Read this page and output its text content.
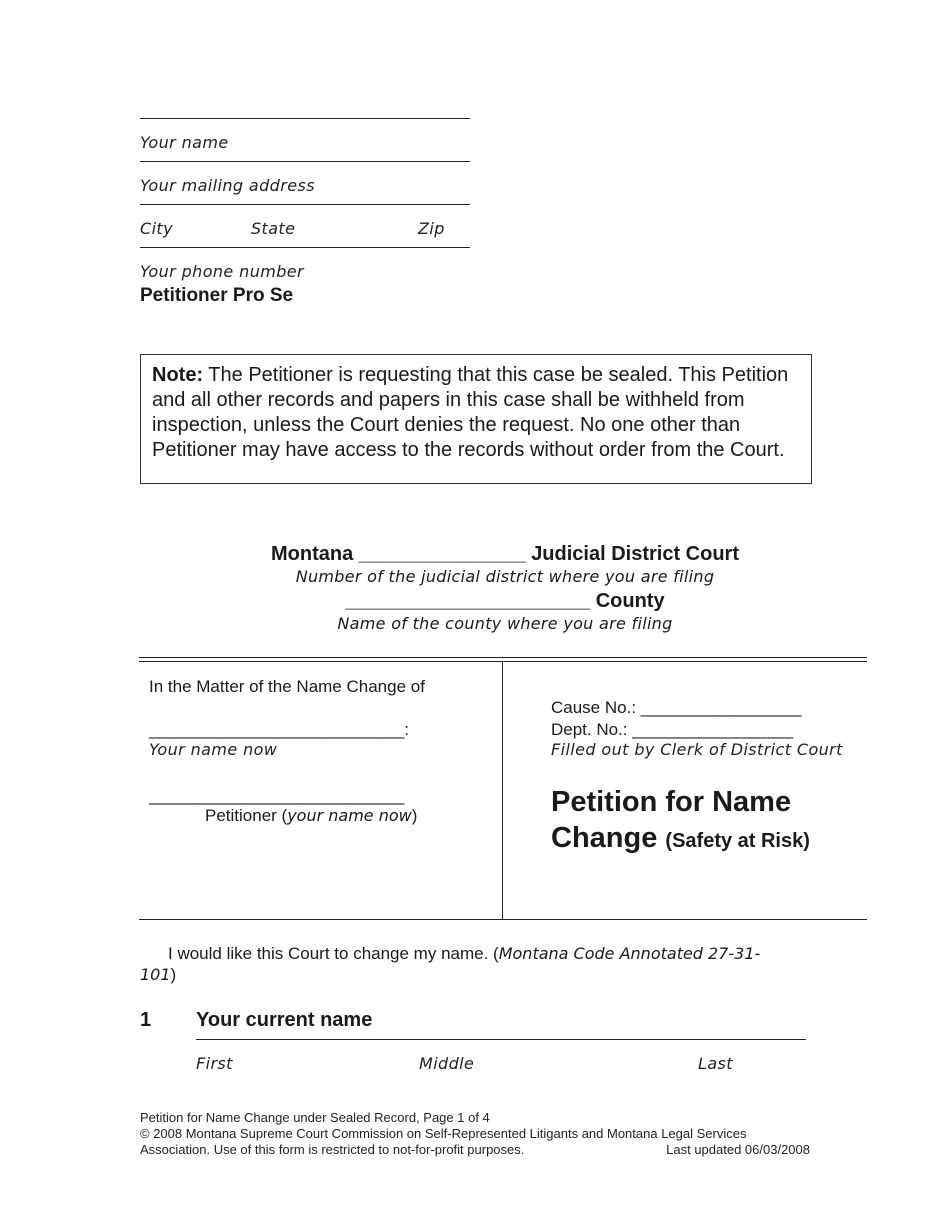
Your name
Your mailing address
City	State	Zip
Your phone number
Petitioner Pro Se
Note: The Petitioner is requesting that this case be sealed. This Petition and all other records and papers in this case shall be withheld from inspection, unless the Court denies the request. No one other than Petitioner may have access to the records without order from the Court.
Montana _______________ Judicial District Court
Number of the judicial district where you are filing
______________________ County
Name of the county where you are filing
In the Matter of the Name Change of
___________________________:
Your name now
___________________________
Petitioner (your name now)
Cause No.: _________________
Dept. No.: _________________
Filled out by Clerk of District Court
Petition for Name
Change (Safety at Risk)
I would like this Court to change my name. (Montana Code Annotated 27-31-
101)
1 Your current name
First	Middle	Last
Petition for Name Change under Sealed Record, Page 1 of 4
© 2008 Montana Supreme Court Commission on Self-Represented Litigants and Montana Legal Services
Association. Use of this form is restricted to not-for-profit purposes.	Last updated 06/03/2008
